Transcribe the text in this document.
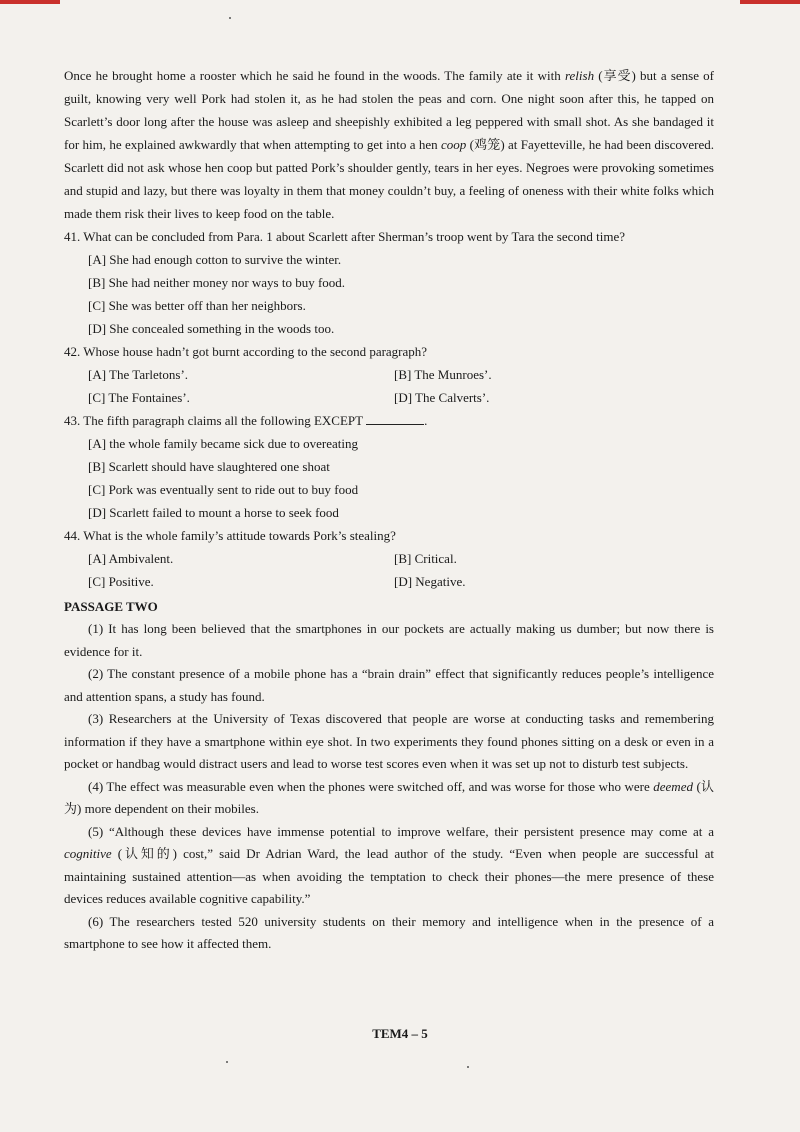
Once he brought home a rooster which he said he found in the woods. The family ate it with relish (享受) but a sense of guilt, knowing very well Pork had stolen it, as he had stolen the peas and corn. One night soon after this, he tapped on Scarlett’s door long after the house was asleep and sheepishly exhibited a leg peppered with small shot. As she bandaged it for him, he explained awkwardly that when attempting to get into a hen coop (鸡笼) at Fayetteville, he had been discovered. Scarlett did not ask whose hen coop but patted Pork’s shoulder gently, tears in her eyes. Negroes were provoking sometimes and stupid and lazy, but there was loyalty in them that money couldn’t buy, a feeling of oneness with their white folks which made them risk their lives to keep food on the table.

41. What can be concluded from Para. 1 about Scarlett after Sherman’s troop went by Tara the second time?

[A] She had enough cotton to survive the winter.

[B] She had neither money nor ways to buy food.

[C] She was better off than her neighbors.

[D] She concealed something in the woods too.

42. Whose house hadn’t got burnt according to the second paragraph?

[A] The Tarletons’.	[B] The Munroes’.
[C] The Fontaines’.	[D] The Calverts’.

43. The fifth paragraph claims all the following EXCEPT	.

[A] the whole family became sick due to overeating

[B] Scarlett should have slaughtered one shoat

[C] Pork was eventually sent to ride out to buy food

[D] Scarlett failed to mount a horse to seek food

44. What is the whole family’s attitude towards Pork’s stealing?

[A] Ambivalent.	[B] Critical.
[C] Positive.	[D] Negative.

PASSAGE TWO

(1) It has long been believed that the smartphones in our pockets are actually making us dumber; but now there is evidence for it.

(2) The constant presence of a mobile phone has a “brain drain” effect that significantly reduces people’s intelligence and attention spans, a study has found.

(3) Researchers at the University of Texas discovered that people are worse at conducting tasks and remembering information if they have a smartphone within eye shot. In two experiments they found phones sitting on a desk or even in a pocket or handbag would distract users and lead to worse test scores even when it was set up not to disturb test subjects.

(4) The effect was measurable even when the phones were switched off, and was worse for those who were deemed (认为) more dependent on their mobiles.

(5) “Although these devices have immense potential to improve welfare, their persistent presence may come at a cognitive (认知的) cost,” said Dr Adrian Ward, the lead author of the study. “Even when people are successful at maintaining sustained attention—as when avoiding the temptation to check their phones—the mere presence of these devices reduces available cognitive capability.”

(6) The researchers tested 520 university students on their memory and intelligence when in the presence of a smartphone to see how it affected them.

TEM4 – 5
